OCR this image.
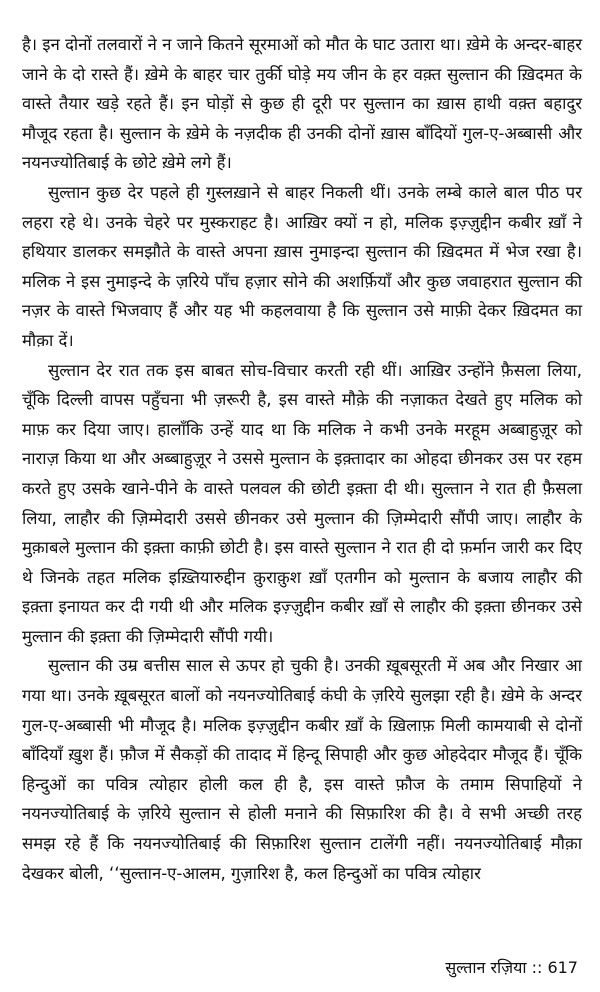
है। इन दोनों तलवारों ने न जाने कितने सूरमाओं को मौत के घाट उतारा था। ख़ेमे के अन्दर-बाहर जाने के दो रास्ते हैं। ख़ेमे के बाहर चार तुर्की घोड़े मय जीन के हर वक़्त सुल्तान की ख़िदमत के वास्ते तैयार खड़े रहते हैं। इन घोड़ों से कुछ ही दूरी पर सुल्तान का ख़ास हाथी वक़्त बहादुर मौजूद रहता है। सुल्तान के ख़ेमे के नज़दीक ही उनकी दोनों ख़ास बाँदियों गुल-ए-अब्बासी और नयनज्योतिबाई के छोटे ख़ेमे लगे हैं।

सुल्तान कुछ देर पहले ही गुस्लख़ाने से बाहर निकली थीं। उनके लम्बे काले बाल पीठ पर लहरा रहे थे। उनके चेहरे पर मुस्कराहट है। आख़िर क्यों न हो, मलिक इज़्ज़ुद्दीन कबीर ख़ाँ ने हथियार डालकर समझौते के वास्ते अपना ख़ास नुमाइन्दा सुल्तान की ख़िदमत में भेज रखा है। मलिक ने इस नुमाइन्दे के ज़रिये पाँच हज़ार सोने की अशर्फ़ियाँ और कुछ जवाहरात सुल्तान की नज़र के वास्ते भिजवाए हैं और यह भी कहलवाया है कि सुल्तान उसे माफ़ी देकर ख़िदमत का मौक़ा दें।

सुल्तान देर रात तक इस बाबत सोच-विचार करती रही थीं। आख़िर उन्होंने फ़ैसला लिया, चूँकि दिल्ली वापस पहुँचना भी ज़रूरी है, इस वास्ते मौक़े की नज़ाकत देखते हुए मलिक को माफ़ कर दिया जाए। हालाँकि उन्हें याद था कि मलिक ने कभी उनके मरहूम अब्बाहुज़ूर को नाराज़ किया था और अब्बाहुज़ूर ने उससे मुल्तान के इक़्तादार का ओहदा छीनकर उस पर रहम करते हुए उसके खाने-पीने के वास्ते पलवल की छोटी इक़्ता दी थी। सुल्तान ने रात ही फ़ैसला लिया, लाहौर की ज़िम्मेदारी उससे छीनकर उसे मुल्तान की ज़िम्मेदारी सौंपी जाए। लाहौर के मुक़ाबले मुल्तान की इक़्ता काफ़ी छोटी है। इस वास्ते सुल्तान ने रात ही दो फ़र्मान जारी कर दिए थे जिनके तहत मलिक इख़्तियारुद्दीन क़ुराक़ुश ख़ाँ एतगीन को मुल्तान के बजाय लाहौर की इक़्ता इनायत कर दी गयी थी और मलिक इज़्ज़ुद्दीन कबीर ख़ाँ से लाहौर की इक़्ता छीनकर उसे मुल्तान की इक़्ता की ज़िम्मेदारी सौंपी गयी।

सुल्तान की उम्र बत्तीस साल से ऊपर हो चुकी है। उनकी ख़ूबसूरती में अब और निखार आ गया था। उनके ख़ूबसूरत बालों को नयनज्योतिबाई कंघी के ज़रिये सुलझा रही है। ख़ेमे के अन्दर गुल-ए-अब्बासी भी मौजूद है। मलिक इज़्ज़ुद्दीन कबीर ख़ाँ के ख़िलाफ़ मिली कामयाबी से दोनों बाँदियाँ ख़ुश हैं। फ़ौज में सैकड़ों की तादाद में हिन्दू सिपाही और कुछ ओहदेदार मौजूद हैं। चूँकि हिन्दुओं का पवित्र त्योहार होली कल ही है, इस वास्ते फ़ौज के तमाम सिपाहियों ने नयनज्योतिबाई के ज़रिये सुल्तान से होली मनाने की सिफ़ारिश की है। वे सभी अच्छी तरह समझ रहे हैं कि नयनज्योतिबाई की सिफ़ारिश सुल्तान टालेंगी नहीं। नयनज्योतिबाई मौक़ा देखकर बोली, ‘‘सुल्तान-ए-आलम, गुज़ारिश है, कल हिन्दुओं का पवित्र त्योहार

सुल्तान रज़िया :: 617
